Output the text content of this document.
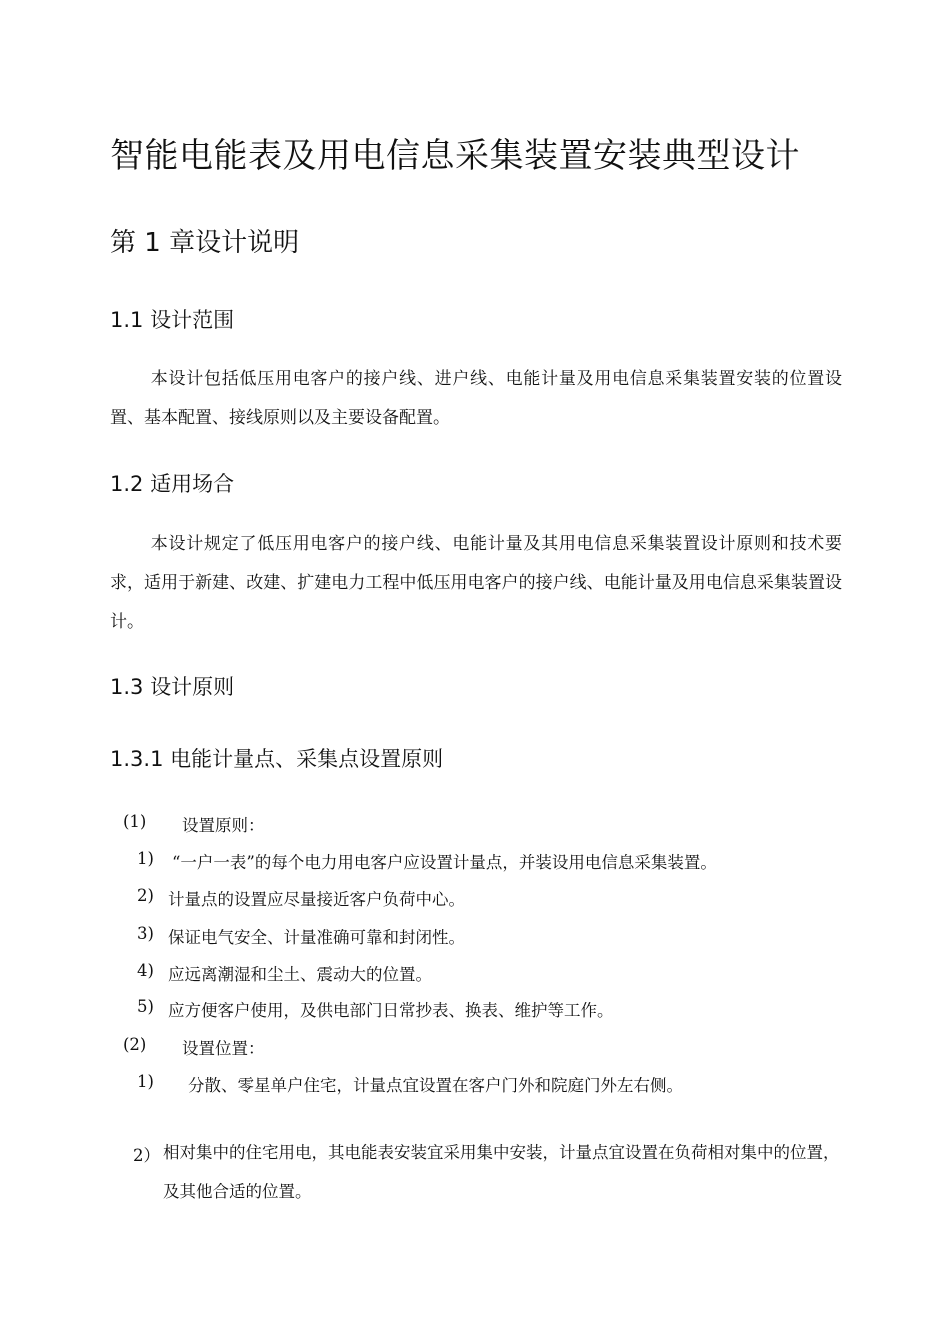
智能电能表及用电信息采集装置安装典型设计
第 1 章设计说明
1.1 设计范围
本设计包括低压用电客户的接户线、进户线、电能计量及用电信息采集装置安装的位置设置、基本配置、接线原则以及主要设备配置。
1.2 适用场合
本设计规定了低压用电客户的接户线、电能计量及其用电信息采集装置设计原则和技术要求，适用于新建、改建、扩建电力工程中低压用电客户的接户线、电能计量及用电信息采集装置设计。
1.3 设计原则
1.3.1 电能计量点、采集点设置原则
(1) 设置原则：
1) “一户一表”的每个电力用电客户应设置计量点，并装设用电信息采集装置。
2) 计量点的设置应尽量接近客户负荷中心。
3) 保证电气安全、计量准确可靠和封闭性。
4) 应远离潮湿和尘土、震动大的位置。
5) 应方便客户使用，及供电部门日常抄表、换表、维护等工作。
(2) 设置位置：
1) 分散、零星单户住宅，计量点宜设置在客户门外和院庭门外左右侧。
2） 相对集中的住宅用电，其电能表安装宜采用集中安装，计量点宜设置在负荷相对集中的位置，及其他合适的位置。
